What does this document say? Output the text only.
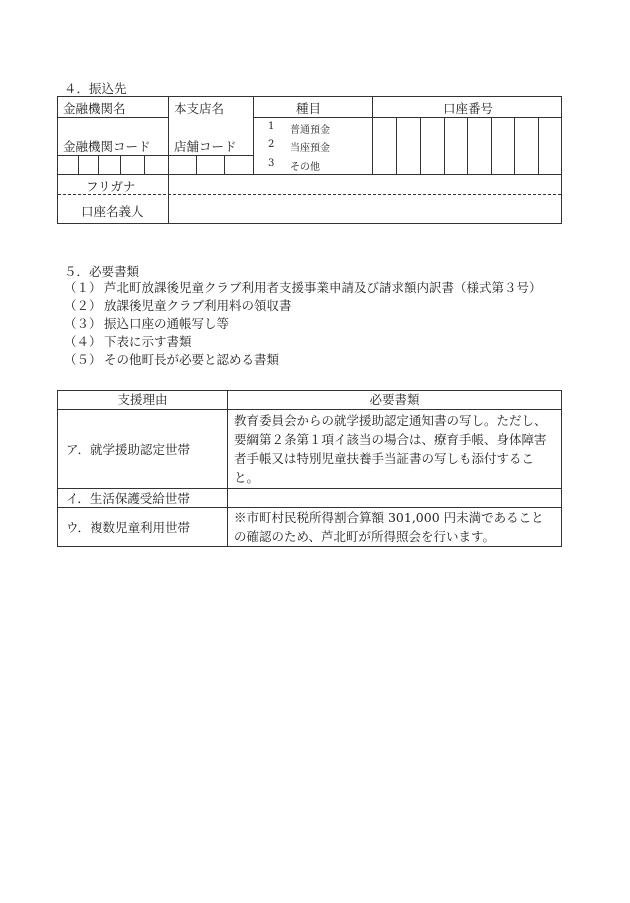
４．振込先
金融機関名	本支店名	種目	口座番号
金融機関コード 店舗コード
1 普通預金
2 当座預金
3 その他
フリガナ
口座名義人
５．必要書類
（１） 芦北町放課後児童クラブ利用者支援事業申請及び請求額内訳書（様式第３号）
（２） 放課後児童クラブ利用料の領収書
（３） 振込口座の通帳写し等
（４） 下表に示す書類
（５） その他町長が必要と認める書類
支援理由	必要書類
ア．就学援助認定世帯	教育委員会からの就学援助認定通知書の写し。ただし、要綱第２条第１項イ該当の場合は、療育手帳、身体障害者手帳又は特別児童扶養手当証書の写しも添付すること。
イ．生活保護受給世帯	
ウ．複数児童利用世帯	※市町村民税所得割合算額 301,000 円未満であることの確認のため、芦北町が所得照会を行います。
